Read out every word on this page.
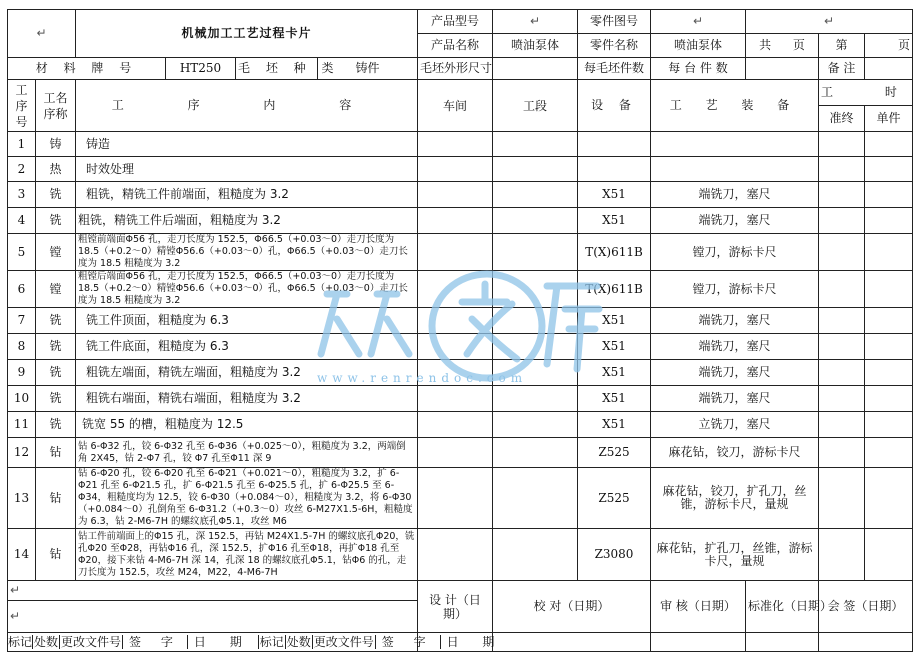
↵		机械加工工艺过程卡片				产品型号	↵	零件图号	↵	↵		
						产品名称	喷油泵体	零件名称	喷油泵体	共 页	第	页
材 料 牌 号			HT250	毛 坯 种 类	铸件	毛坯外形尺寸		每毛坯件数	每 台 件 数		备 注	
工序号	工名序称	工 序 内 容				车间	工段	设 备	工 艺 装 备		工 时	
											准终	单件
1	铸	铸造										
2	热	时效处理										
3	铣	粗铣，精铣工件前端面，粗糙度为 3.2						X51	端铣刀，塞尺			
4	铣	粗铣，精铣工件后端面，粗糙度为 3.2						X51	端铣刀，塞尺			
5	镗	粗镗前端面Φ56 孔，走刀长度为 152.5，Φ66.5（+0.03～0）走刀长度为 18.5（+0.2～0）精镗Φ56.6（+0.03～0）孔，Φ66.5（+0.03～0）走刀长度为 18.5 粗糙度为 3.2						T(X)611B	镗刀，游标卡尺			
6	镗	粗镗后端面Φ56 孔，走刀长度为 152.5，Φ66.5（+0.03～0）走刀长度为 18.5（+0.2～0）精镗Φ56.6（+0.03～0）孔，Φ66.5（+0.03～0）走刀长度为 18.5 粗糙度为 3.2						T(X)611B	镗刀，游标卡尺			
7	铣	铣工件顶面，粗糙度为 6.3						X51	端铣刀，塞尺			
8	铣	铣工件底面，粗糙度为 6.3						X51	端铣刀，塞尺			
9	铣	粗铣左端面，精铣左端面，粗糙度为 3.2						X51	端铣刀，塞尺			
10	铣	粗铣右端面，精铣右端面，粗糙度为 3.2						X51	端铣刀，塞尺			
11	铣	铣宽 55 的槽，粗糙度为 12.5						X51	立铣刀，塞尺			
12	钻	钻 6-Φ32 孔，铰 6-Φ32 孔至 6-Φ36（+0.025～0），粗糙度为 3.2，两端倒角 2X45，钻 2-Φ7 孔，铰 Φ7 孔至Φ11 深 9						Z525	麻花钻，铰刀，游标卡尺			
13	钻	钻 6-Φ20 孔，铰 6-Φ20 孔至 6-Φ21（+0.021～0），粗糙度为 3.2，扩 6-Φ21 孔至 6-Φ21.5 孔，扩 6-Φ21.5 孔至 6-Φ25.5 孔，扩 6-Φ25.5 至 6-Φ34，粗糙度均为 12.5，铰 6-Φ30（+0.084～0），粗糙度为 3.2，将 6-Φ30（+0.084～0）孔倒角至 6-Φ31.2（+0.3～0）攻丝 6-M27X1.5-6H，粗糙度为 6.3，钻 2-M6-7H 的螺纹底孔Φ5.1，攻丝 M6						Z525	麻花钻，铰刀，扩孔刀，丝锥，游标卡尺，量规			
14	钻	钻工件前端面上的Φ15 孔，深 152.5，再钻 M24X1.5-7H 的螺纹底孔Φ20，铣孔Φ20 至Φ28，再钻Φ16 孔，深 152.5，扩Φ16 孔至Φ18，再扩Φ18 孔至Φ20，接下来钻 4-M6-7H 深 14，孔深 18 的螺纹底孔Φ5.1，钻Φ6 的孔，走刀长度为 152.5，攻丝 M24，M22，4-M6-7H						Z3080	麻花钻，扩孔刀，丝锥，游标卡尺，量规			
↵						设 计（日 期）	校 对（日期）		审 核（日期）	标准化（日期）	会 签（日期）	
↵												
标记 处数 更改文件号 签 字 日 期 标记 处数 更改文件号 签 字 日 期												
www.renrendoc.com
